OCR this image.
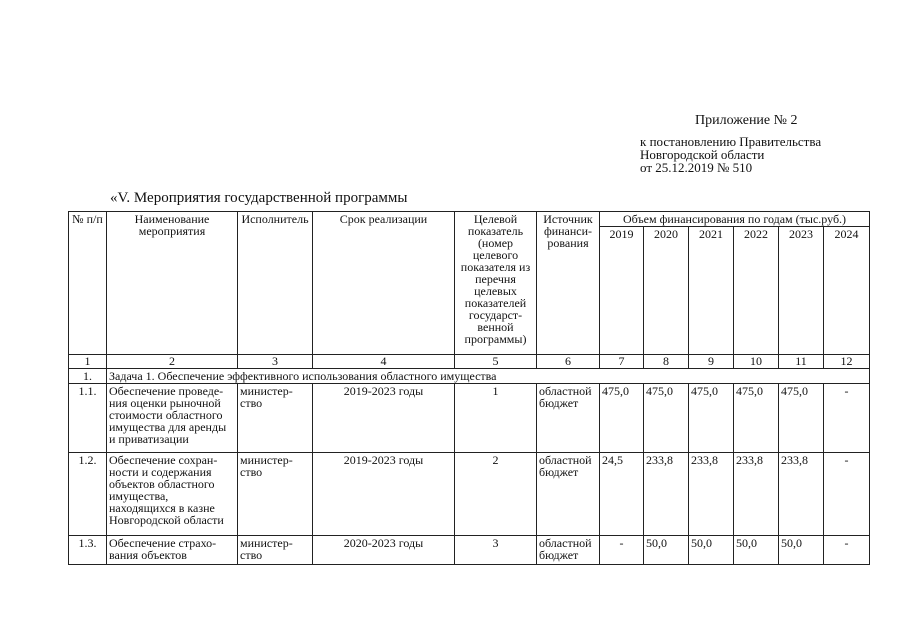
Приложение № 2
к постановлению Правительства
Новгородской области
от 25.12.2019 № 510
«V. Мероприятия государственной программы
№ п/п	Наименование мероприятия	Исполнитель	Срок реализации	Целевой показатель (номер целевого показателя из перечня целевых показателей государст-венной программы)	Источник финанси-рования	Объем финансирования по годам (тыс.руб.)					
						2019	2020	2021	2022	2023	2024
1	2	3	4	5	6	7	8	9	10	11	12
1.	Задача 1. Обеспечение эффективного использования областного имущества										
1.1.	Обеспечение проведе-ния оценки рыночной стоимости областного имущества для аренды и приватизации	министер-ство	2019-2023 годы	1	областной бюджет	475,0	475,0	475,0	475,0	475,0	-
1.2.	Обеспечение сохран-ности и содержания объектов областного имущества, находящихся в казне Новгородской области	министер-ство	2019-2023 годы	2	областной бюджет	24,5	233,8	233,8	233,8	233,8	-
1.3.	Обеспечение страхо-вания объектов	министер-ство	2020-2023 годы	3	областной бюджет	-	50,0	50,0	50,0	50,0	-
